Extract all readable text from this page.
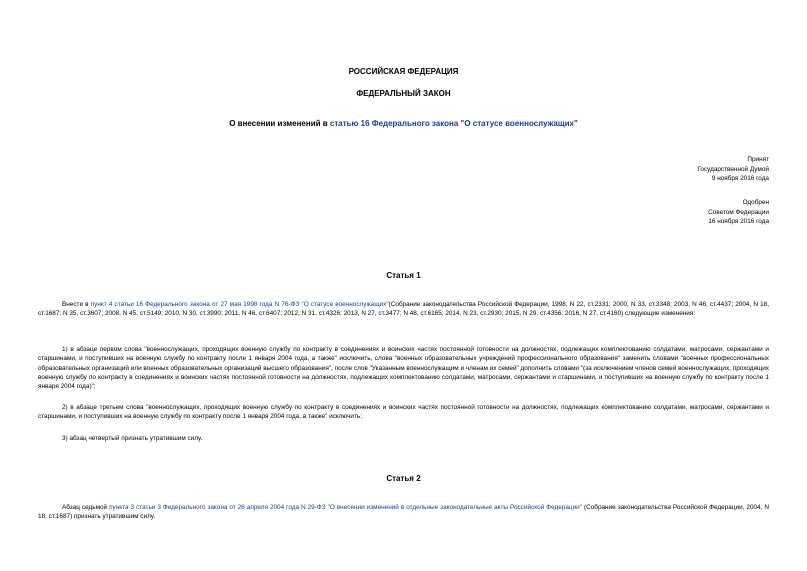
РОССИЙСКАЯ ФЕДЕРАЦИЯ
ФЕДЕРАЛЬНЫЙ ЗАКОН
О внесении изменений в статью 16 Федерального закона "О статусе военнослужащих"
Принят
Государственной Думой
9 ноября 2016 года
Одобрен
Советом Федерации
16 ноября 2016 года
Статья 1
Внести в пункт 4 статьи 16 Федерального закона от 27 мая 1998 года N 76-ФЗ "О статусе военнослужащих"(Собрание законодательства Российской Федерации, 1998, N 22, ст.2331; 2000, N 33, ст.3348; 2003, N 46, ст.4437; 2004, N 18, ст.1687; N 35, ст.3607; 2008, N 45, ст.5149; 2010, N 30, ст.3990; 2011, N 46, ст.6407; 2012, N 31, ст.4326; 2013, N 27, ст.3477; N 48, ст.6165; 2014, N 23, ст.2930; 2015, N 29, ст.4356; 2016, N 27, ст.4160) следующие изменения:
1) в абзаце первом слова "военнослужащих, проходящих военную службу по контракту в соединениях и воинских частях постоянной готовности на должностях, подлежащих комплектованию солдатами, матросами, сержантами и старшинами, и поступивших на военную службу по контракту после 1 января 2004 года, а также" исключить, слова "военных образовательных учреждений профессионального образования" заменить словами "военных профессиональных образовательных организаций или военных образовательных организаций высшего образования", после слов "Указанным военнослужащим и членам их семей" дополнить словами "(за исключением членов семей военнослужащих, проходящих военную службу по контракту в соединениях и воинских частях постоянной готовности на должностях, подлежащих комплектованию солдатами, матросами, сержантами и старшинами, и поступивших на военную службу по контракту после 1 января 2004 года)";
2) в абзаце третьем слова "военнослужащих, проходящих военную службу по контракту в соединениях и воинских частях постоянной готовности на должностях, подлежащих комплектованию солдатами, матросами, сержантами и старшинами, и поступивших на военную службу по контракту после 1 января 2004 года, а также" исключить;
3) абзац четвертый признать утратившим силу.
Статья 2
Абзац седьмой пункта 3 статьи 3 Федерального закона от 26 апреля 2004 года N 29-ФЗ "О внесении изменений в отдельные законодательные акты Российской Федерации" (Собрание законодательства Российской Федерации, 2004, N 18, ст.1687) признать утратившим силу.
